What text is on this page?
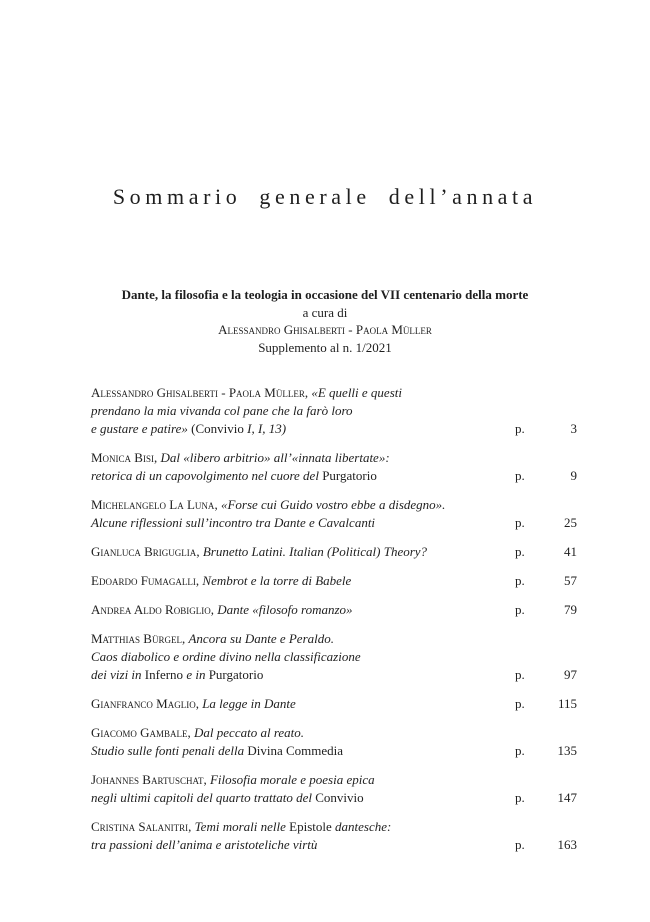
Sommario generale dell’annata
Dante, la filosofia e la teologia in occasione del VII centenario della morte
a cura di
Alessandro Ghisalberti - Paola Müller
Supplemento al n. 1/2021
Alessandro Ghisalberti - Paola Müller, «E quelli e questi
prendano la mia vivanda col pane che la farò loro
e gustare e patire» (Convivio I, I, 13)	p.	3
Monica Bisi, Dal «libero arbitrio» all’«innata libertate»:
retorica di un capovolgimento nel cuore del Purgatorio	p.	9
Michelangelo La Luna, «Forse cui Guido vostro ebbe a disdegno».
Alcune riflessioni sull’incontro tra Dante e Cavalcanti	p.	25
Gianluca Briguglia, Brunetto Latini. Italian (Political) Theory?	p.	41
Edoardo Fumagalli, Nembrot e la torre di Babele	p.	57
Andrea Aldo Robiglio, Dante «filosofo romanzo»	p.	79
Matthias Bürgel, Ancora su Dante e Peraldo.
Caos diabolico e ordine divino nella classificazione
dei vizi in Inferno e in Purgatorio	p.	97
Gianfranco Maglio, La legge in Dante	p.	115
Giacomo Gambale, Dal peccato al reato.
Studio sulle fonti penali della Divina Commedia	p.	135
Johannes Bartuschat, Filosofia morale e poesia epica
negli ultimi capitoli del quarto trattato del Convivio	p.	147
Cristina Salanitri, Temi morali nelle Epistole dantesche:
tra passioni dell’anima e aristoteliche virtù	p.	163
